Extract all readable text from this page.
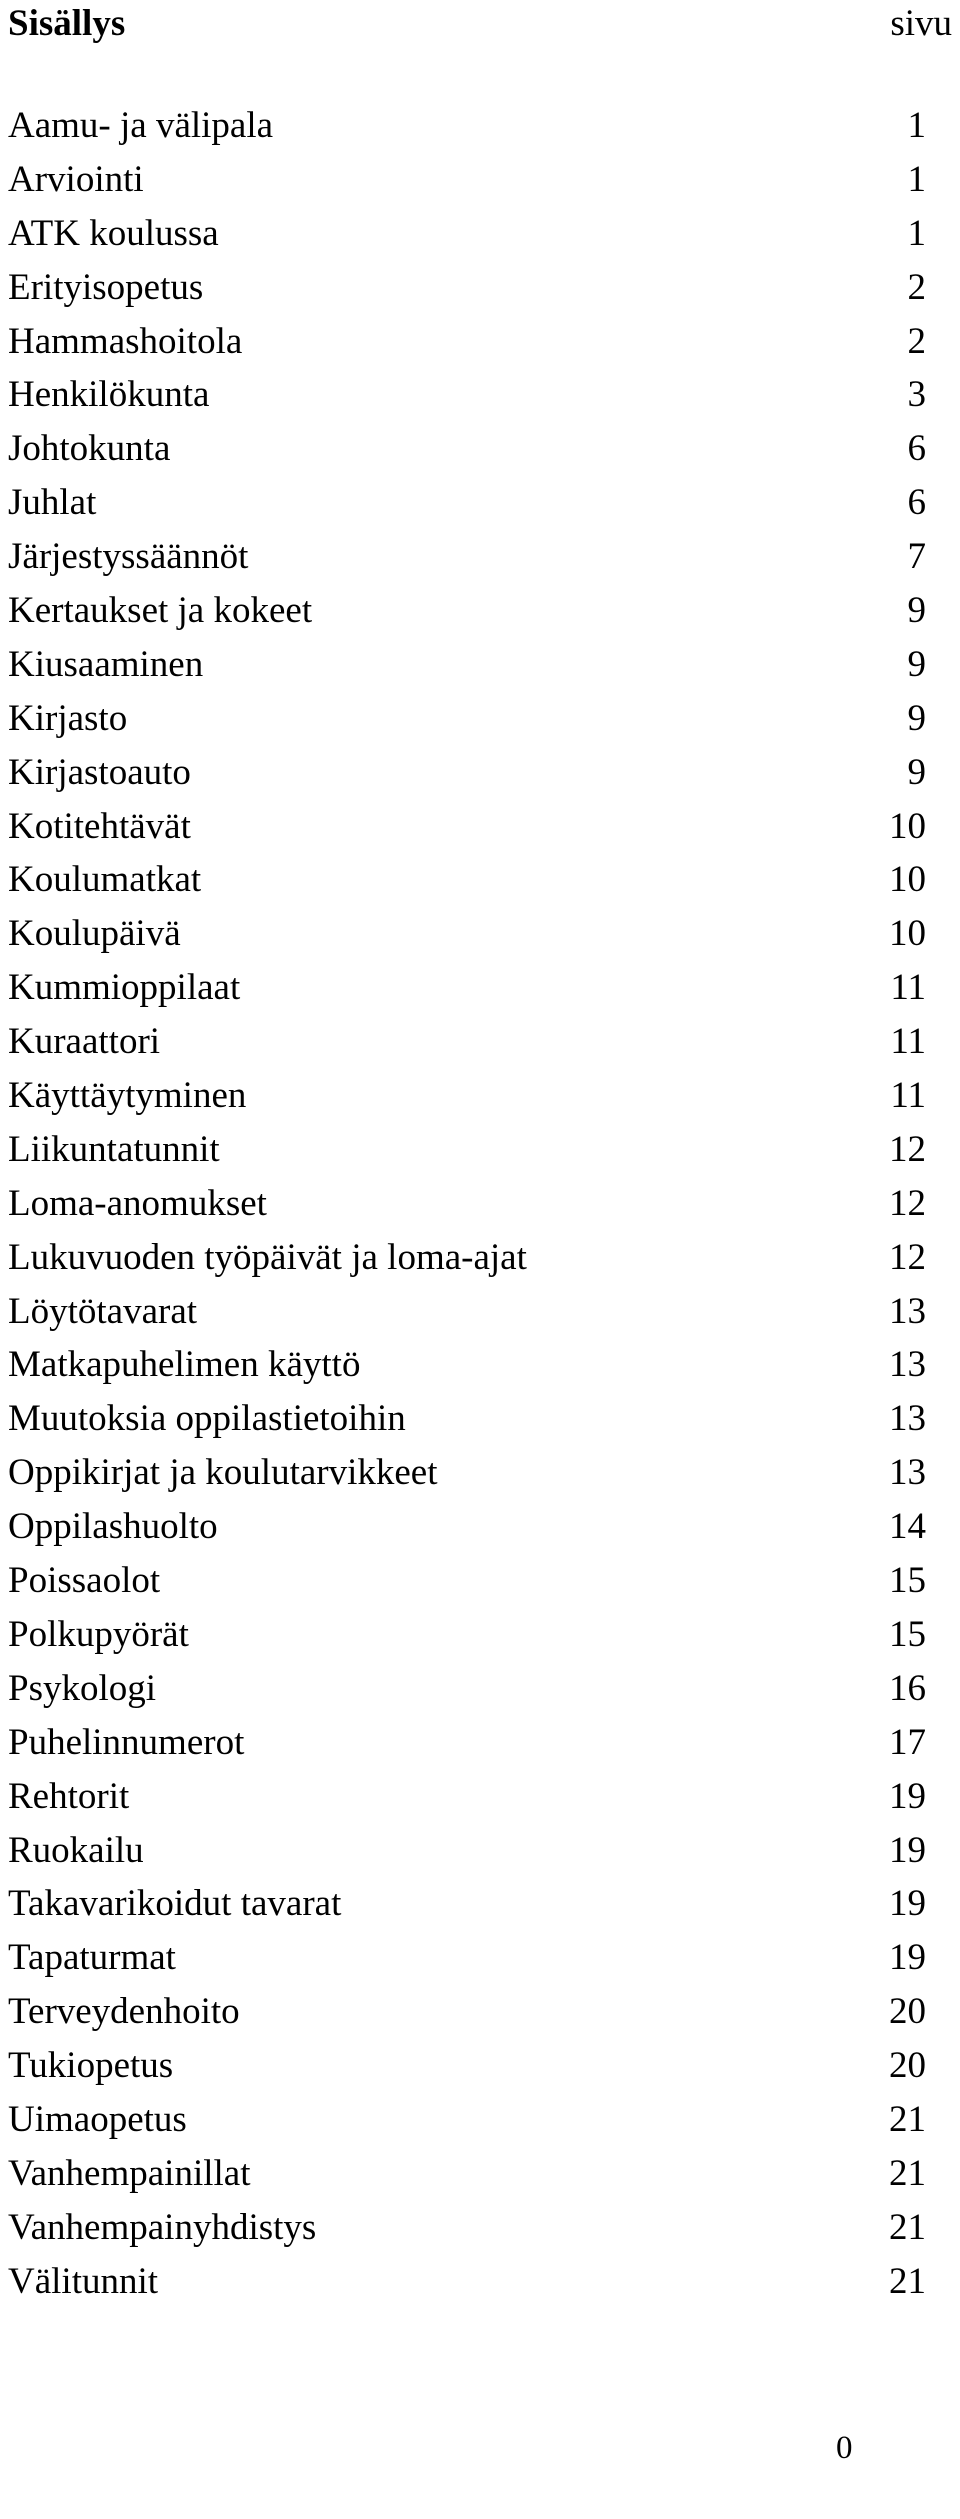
Sisällys	sivu
Aamu- ja välipala	1
Arviointi	1
ATK koulussa	1
Erityisopetus	2
Hammashoitola	2
Henkilökunta	3
Johtokunta	6
Juhlat	6
Järjestyssäännöt	7
Kertaukset ja kokeet	9
Kiusaaminen	9
Kirjasto	9
Kirjastoauto	9
Kotitehtävät	10
Koulumatkat	10
Koulupäivä	10
Kummioppilaat	11
Kuraattori	11
Käyttäytyminen	11
Liikuntatunnit	12
Loma-anomukset	12
Lukuvuoden työpäivät ja loma-ajat	12
Löytötavarat	13
Matkapuhelimen käyttö	13
Muutoksia oppilastietoihin	13
Oppikirjat ja koulutarvikkeet	13
Oppilashuolto	14
Poissaolot	15
Polkupyörät	15
Psykologi	16
Puhelinnumerot	17
Rehtorit	19
Ruokailu	19
Takavarikoidut tavarat	19
Tapaturmat	19
Terveydenhoito	20
Tukiopetus	20
Uimaopetus	21
Vanhempainillat	21
Vanhempainyhdistys	21
Välitunnit	21
0
